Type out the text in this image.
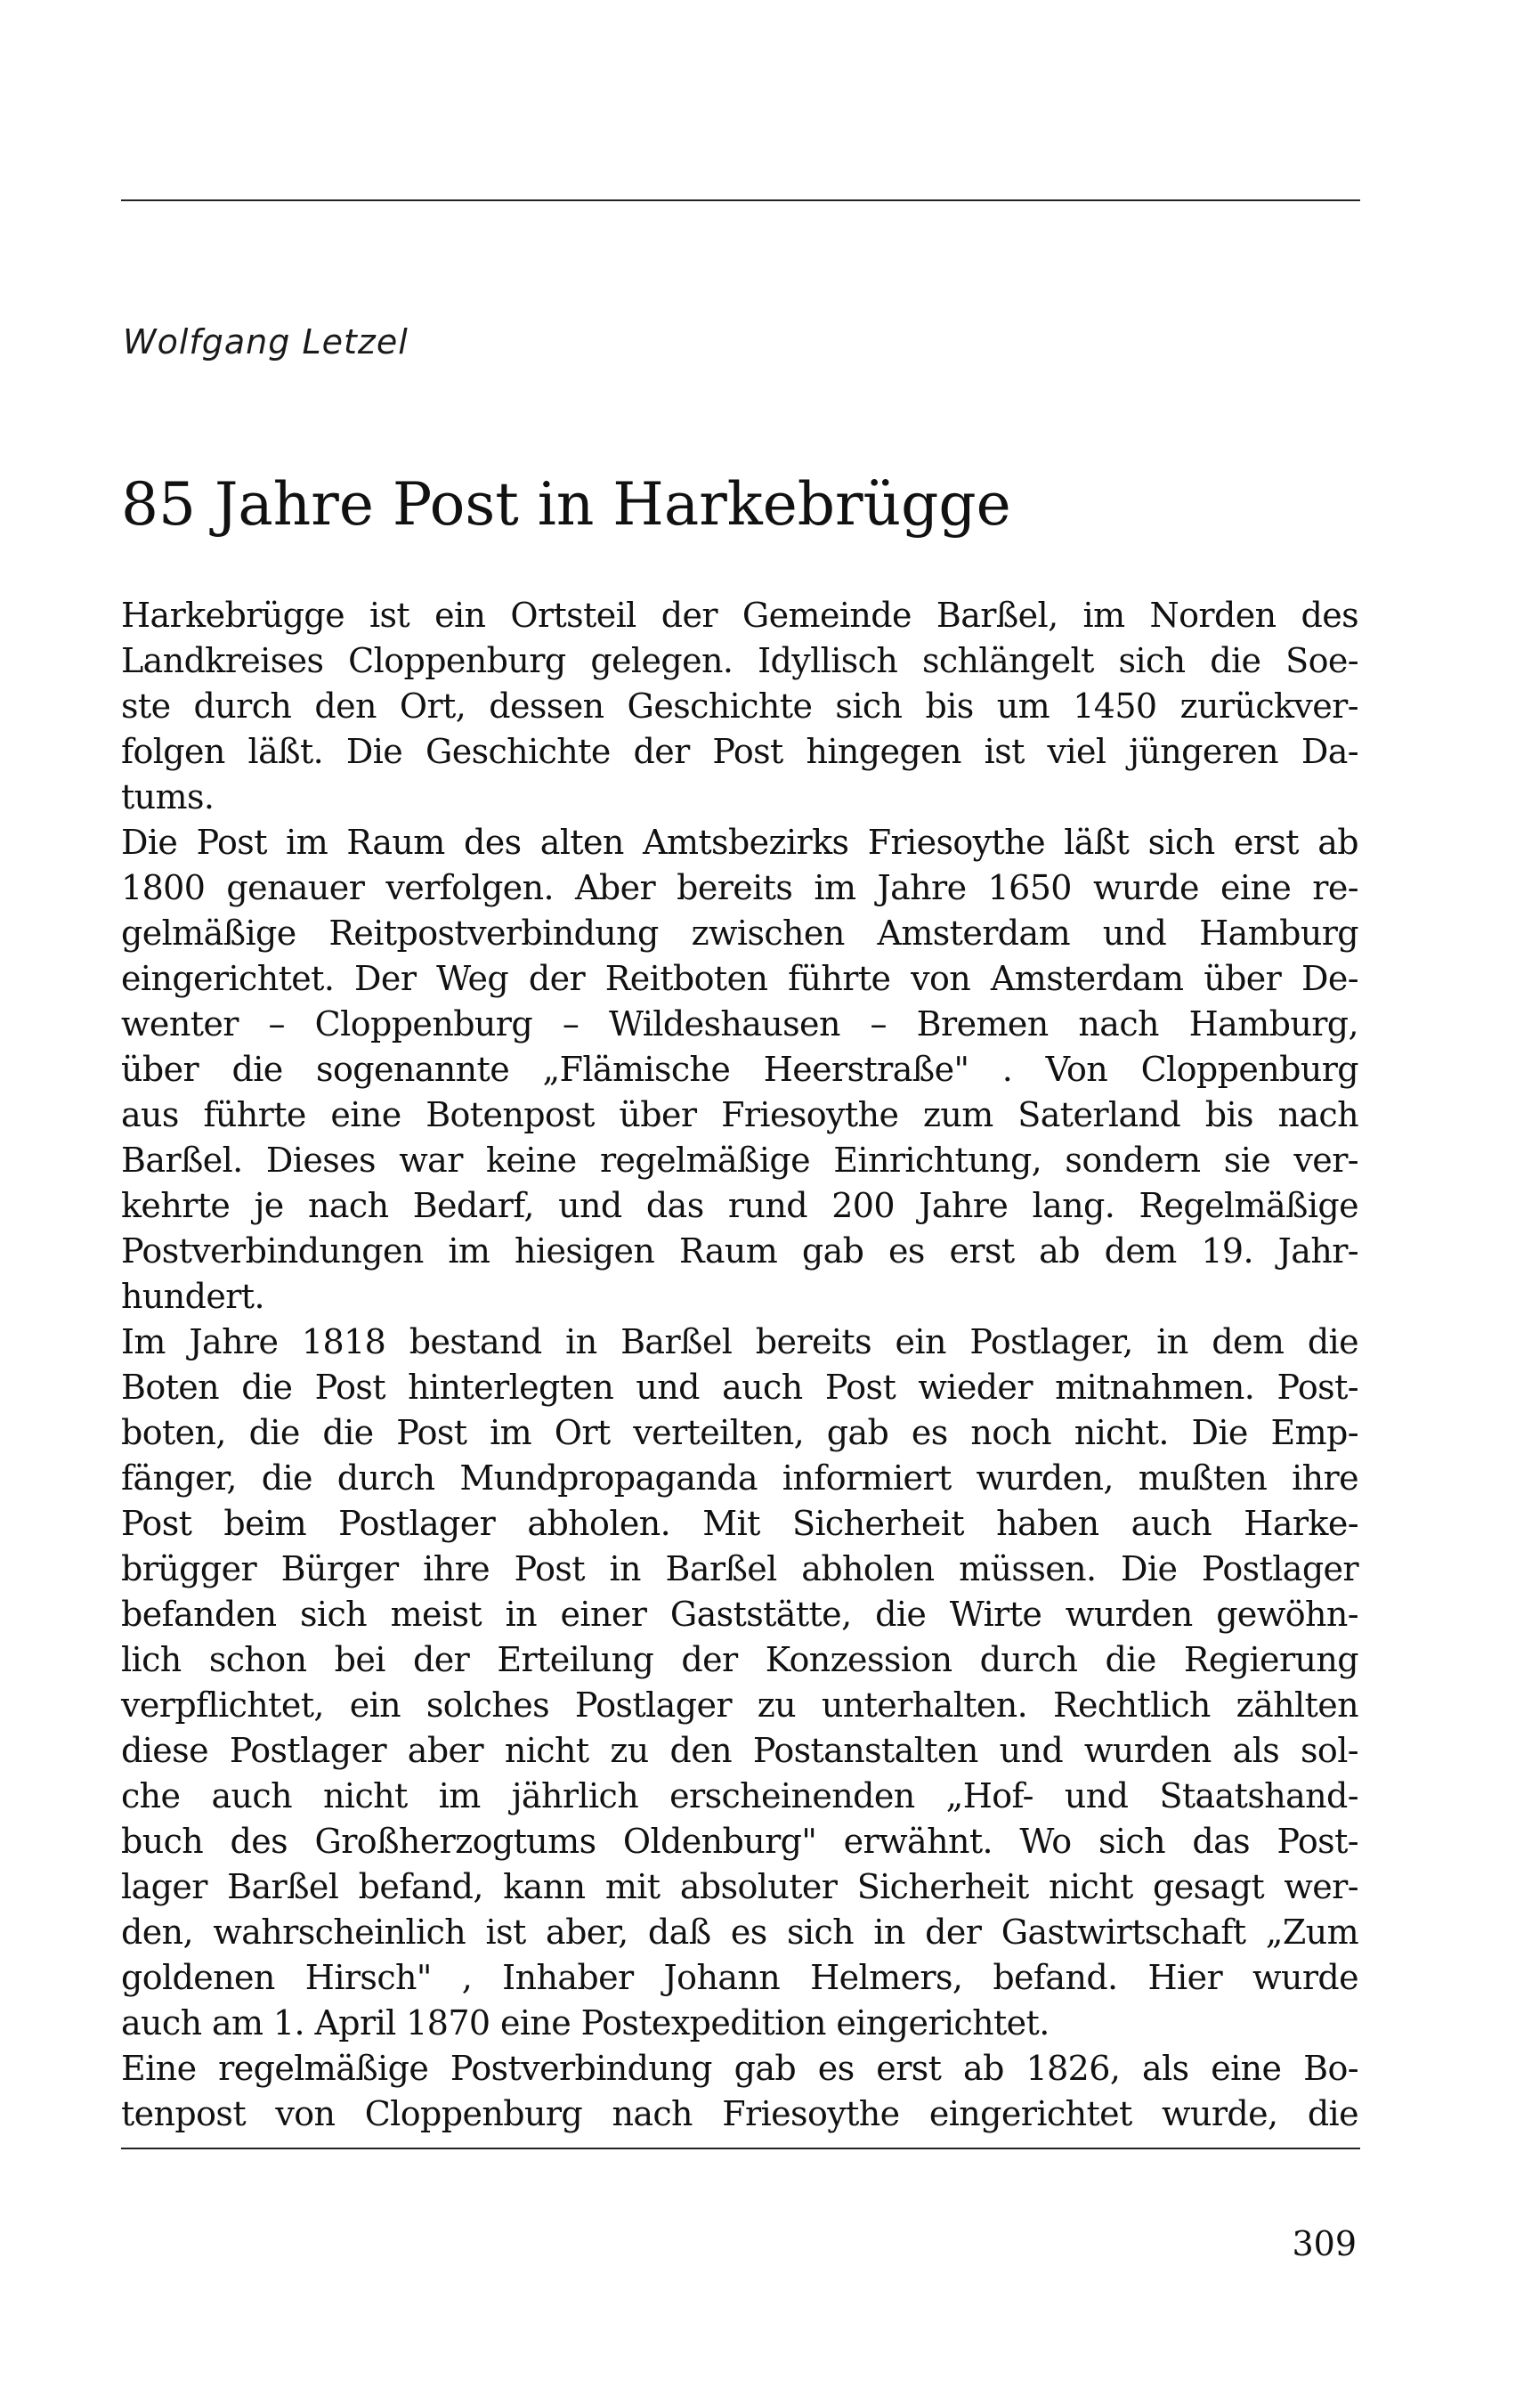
Wolfgang Letzel
85 Jahre Post in Harkebrügge
Harkebrügge ist ein Ortsteil der Gemeinde Barßel, im Norden des
Landkreises Cloppenburg gelegen. Idyllisch schlängelt sich die Soe-
ste durch den Ort, dessen Geschichte sich bis um 1450 zurückver-
folgen läßt. Die Geschichte der Post hingegen ist viel jüngeren Da-
tums.
Die Post im Raum des alten Amtsbezirks Friesoythe läßt sich erst ab
1800 genauer verfolgen. Aber bereits im Jahre 1650 wurde eine re-
gelmäßige Reitpostverbindung zwischen Amsterdam und Hamburg
eingerichtet. Der Weg der Reitboten führte von Amsterdam über De-
wenter – Cloppenburg – Wildeshausen – Bremen nach Hamburg,
über die sogenannte „Flämische Heerstraße" . Von Cloppenburg
aus führte eine Botenpost über Friesoythe zum Saterland bis nach
Barßel. Dieses war keine regelmäßige Einrichtung, sondern sie ver-
kehrte je nach Bedarf, und das rund 200 Jahre lang. Regelmäßige
Postverbindungen im hiesigen Raum gab es erst ab dem 19. Jahr-
hundert.
Im Jahre 1818 bestand in Barßel bereits ein Postlager, in dem die
Boten die Post hinterlegten und auch Post wieder mitnahmen. Post-
boten, die die Post im Ort verteilten, gab es noch nicht. Die Emp-
fänger, die durch Mundpropaganda informiert wurden, mußten ihre
Post beim Postlager abholen. Mit Sicherheit haben auch Harke-
brügger Bürger ihre Post in Barßel abholen müssen. Die Postlager
befanden sich meist in einer Gaststätte, die Wirte wurden gewöhn-
lich schon bei der Erteilung der Konzession durch die Regierung
verpflichtet, ein solches Postlager zu unterhalten. Rechtlich zählten
diese Postlager aber nicht zu den Postanstalten und wurden als sol-
che auch nicht im jährlich erscheinenden „Hof- und Staatshand-
buch des Großherzogtums Oldenburg" erwähnt. Wo sich das Post-
lager Barßel befand, kann mit absoluter Sicherheit nicht gesagt wer-
den, wahrscheinlich ist aber, daß es sich in der Gastwirtschaft „Zum
goldenen Hirsch" , Inhaber Johann Helmers, befand. Hier wurde
auch am 1. April 1870 eine Postexpedition eingerichtet.
Eine regelmäßige Postverbindung gab es erst ab 1826, als eine Bo-
tenpost von Cloppenburg nach Friesoythe eingerichtet wurde, die
309
